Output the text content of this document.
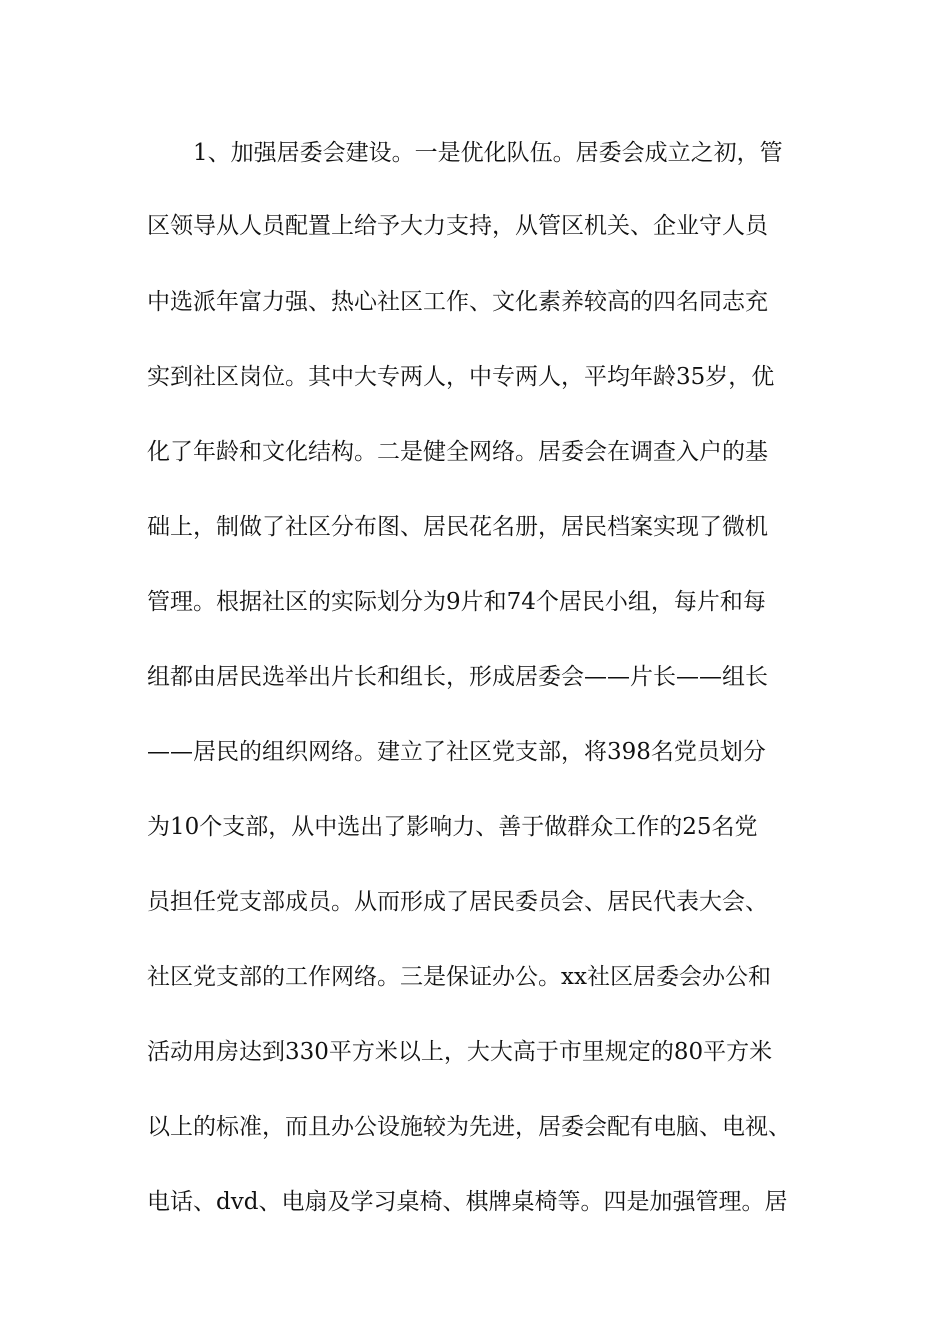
1、加强居委会建设。一是优化队伍。居委会成立之初，管
区领导从人员配置上给予大力支持，从管区机关、企业守人员
中选派年富力强、热心社区工作、文化素养较高的四名同志充
实到社区岗位。其中大专两人，中专两人，平均年龄35岁，优
化了年龄和文化结构。二是健全网络。居委会在调查入户的基
础上，制做了社区分布图、居民花名册，居民档案实现了微机
管理。根据社区的实际划分为9片和74个居民小组，每片和每
组都由居民选举出片长和组长，形成居委会——片长——组长
——居民的组织网络。建立了社区党支部，将398名党员划分
为10个支部，从中选出了影响力、善于做群众工作的25名党
员担任党支部成员。从而形成了居民委员会、居民代表大会、
社区党支部的工作网络。三是保证办公。xx社区居委会办公和
活动用房达到330平方米以上，大大高于市里规定的80平方米
以上的标准，而且办公设施较为先进，居委会配有电脑、电视、
电话、dvd、电扇及学习桌椅、棋牌桌椅等。四是加强管理。居
